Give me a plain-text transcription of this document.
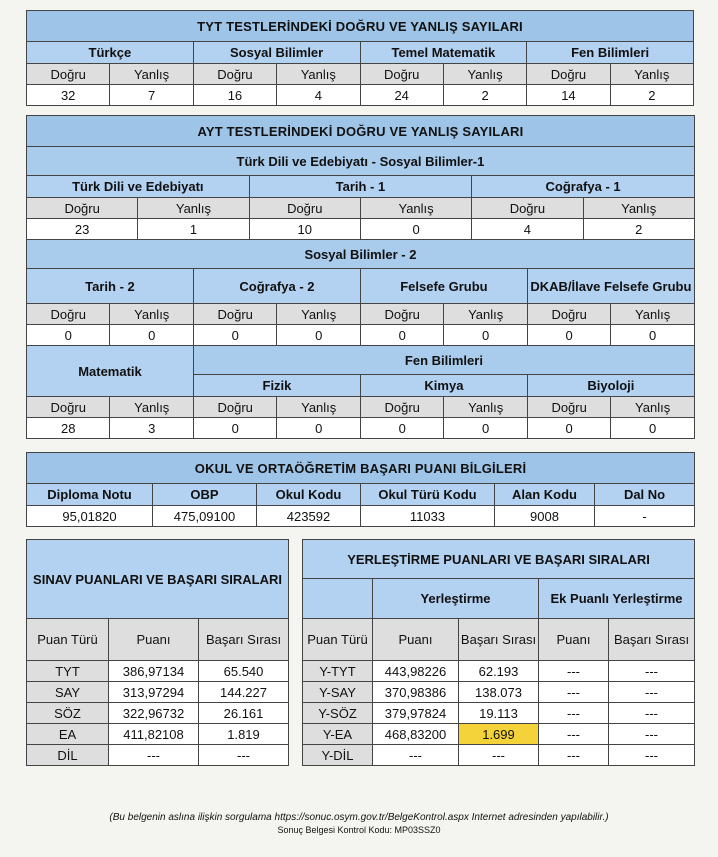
TYT TESTLERİNDEKİ DOĞRU VE YANLIŞ SAYILARI							
Türkçe		Sosyal Bilimler		Temel Matematik		Fen Bilimleri	
Doğru	Yanlış	Doğru	Yanlış	Doğru	Yanlış	Doğru	Yanlış
32	7	16	4	24	2	14	2
AYT TESTLERİNDEKİ DOĞRU VE YANLIŞ SAYILARI											
Türk Dili ve Edebiyatı - Sosyal Bilimler-1											
Türk Dili ve Edebiyatı				Tarih - 1				Coğrafya - 1			
Doğru		Yanlış		Doğru		Yanlış		Doğru		Yanlış	
23		1		10		0		4		2	
Sosyal Bilimler - 2											
Tarih - 2			Coğrafya - 2			Felsefe Grubu			DKAB/İlave Felsefe Grubu		
Doğru	Yanlış		Doğru		Yanlış	Doğru	Yanlış		Doğru		Yanlış
0	0		0		0	0	0		0		0
Matematik			Fen Bilimleri								
			Fizik			Kimya			Biyoloji		
Doğru	Yanlış		Doğru		Yanlış	Doğru	Yanlış		Doğru		Yanlış
28	3		0		0	0	0		0		0
OKUL VE ORTAÖĞRETİM BAŞARI PUANI BİLGİLERİ					
Diploma Notu	OBP	Okul Kodu	Okul Türü Kodu	Alan Kodu	Dal No
95,01820	475,09100	423592	11033	9008	-
SINAV PUANLARI VE BAŞARI SIRALARI		
Puan Türü	Puanı	Başarı Sırası
TYT	386,97134	65.540
SAY	313,97294	144.227
SÖZ	322,96732	26.161
EA	411,82108	1.819
DİL	---	---
YERLEŞTİRME PUANLARI VE BAŞARI SIRALARI				
	Yerleştirme		Ek Puanlı Yerleştirme	
Puan Türü	Puanı	Başarı Sırası	Puanı	Başarı Sırası
Y-TYT	443,98226	62.193	---	---
Y-SAY	370,98386	138.073	---	---
Y-SÖZ	379,97824	19.113	---	---
Y-EA	468,83200	1.699	---	---
Y-DİL	---	---	---	---
(Bu belgenin aslına ilişkin sorgulama https://sonuc.osym.gov.tr/BelgeKontrol.aspx Internet adresinden yapılabilir.)
Sonuç Belgesi Kontrol Kodu: MP03SSZ0
